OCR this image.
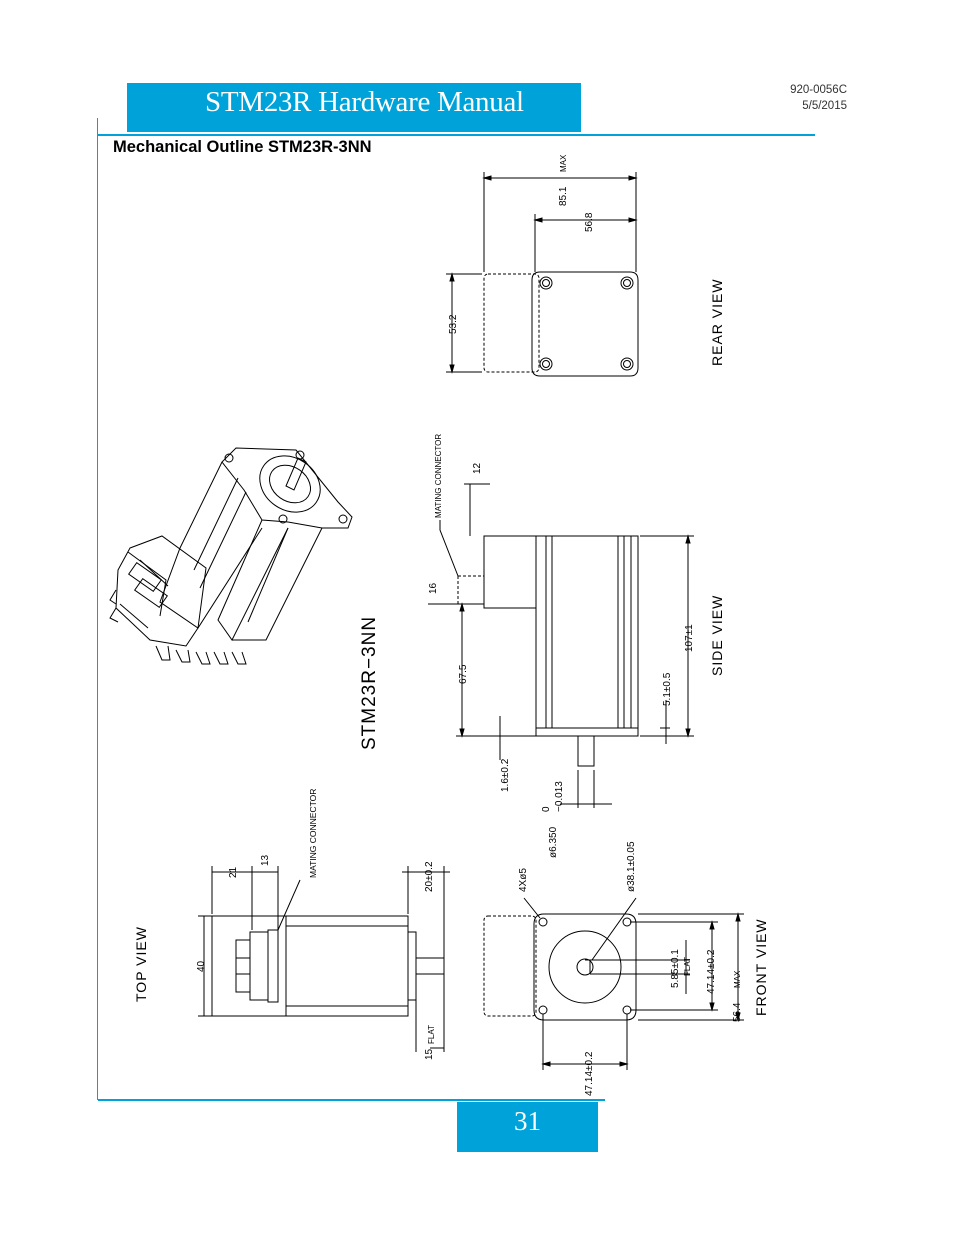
STM23R Hardware Manual	920-0056C
5/5/2015
Mechanical Outline STM23R-3NN
85.1
MAX
56.8
53.2	REAR VIEW
STM23R−3NN
MATING CONNECTOR	12
16
67.5
107±1
5.1±0.5
1.6±0.2
0 −0.013
ø6.350
SIDE VIEW
MATING CONNECTOR
21
13
20±0.2
40
15
FLAT
TOP VIEW
4Xø5	ø38.1±0.05
5.85±0.1 FLAT 47.14±0.2
56.4
MAX
47.14±0.2
FRONT VIEW
31
